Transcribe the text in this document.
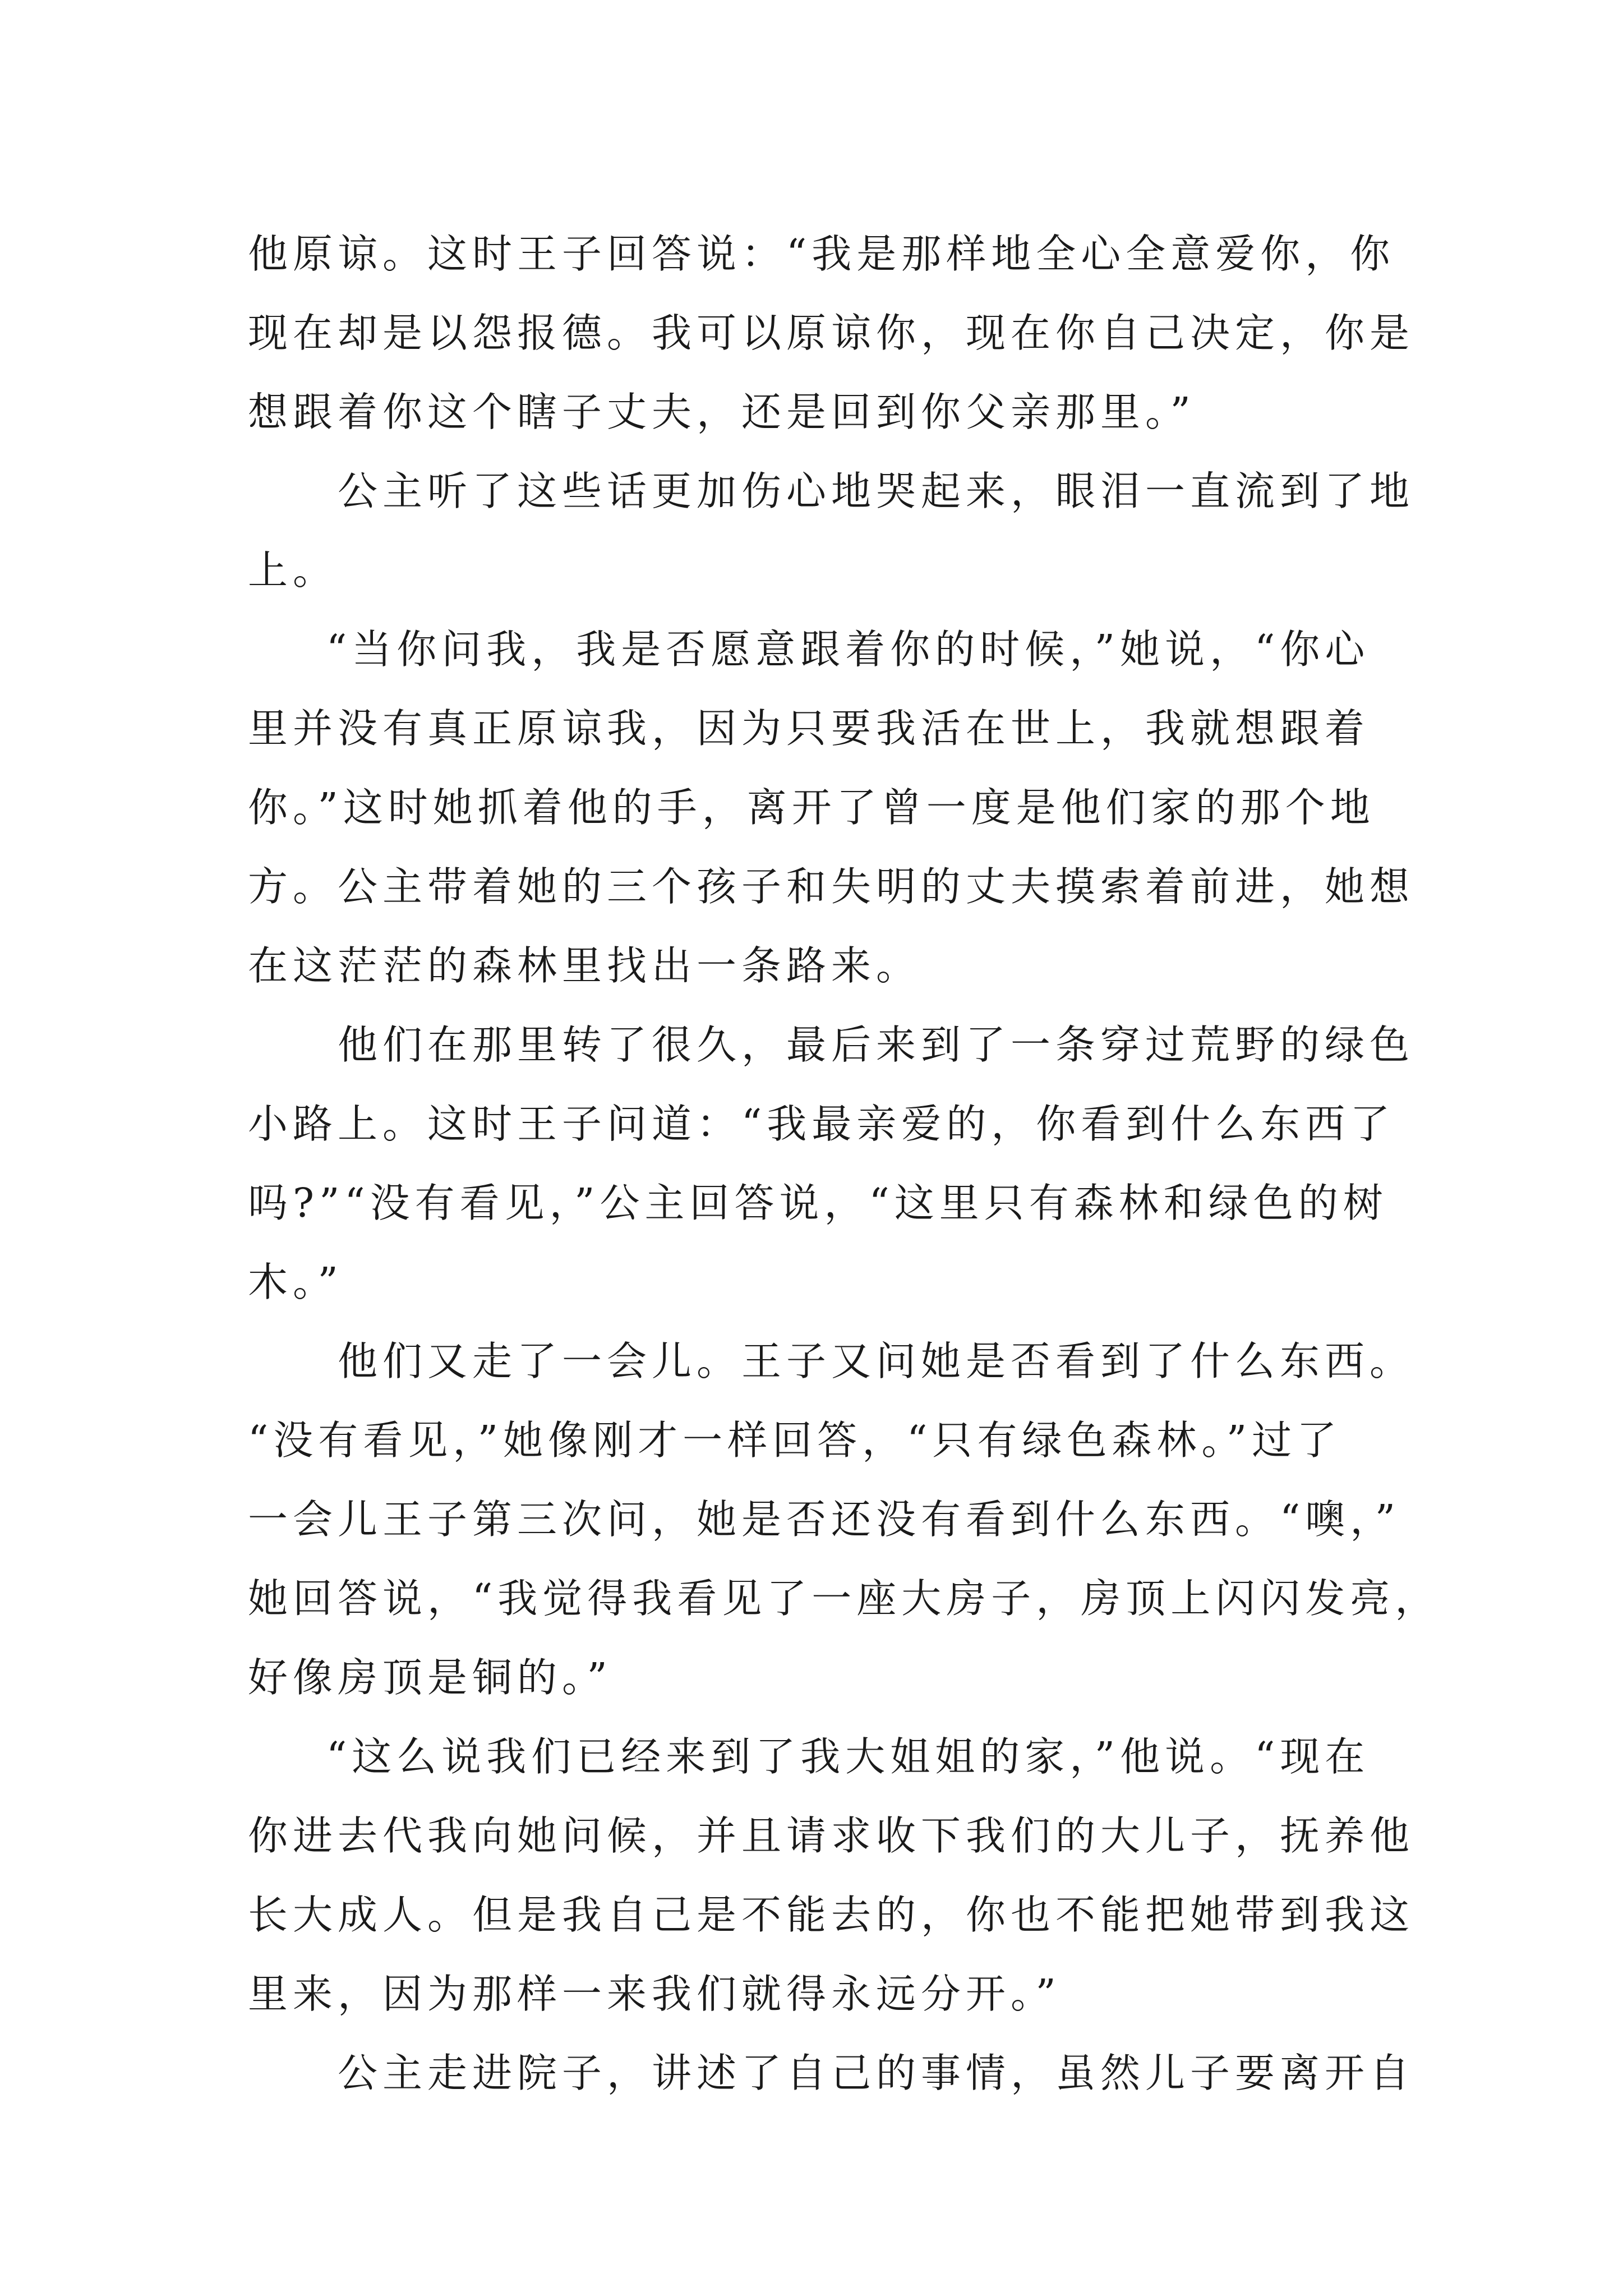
他原谅。这时王子回答说：“我是那样地全心全意爱你，你
现在却是以怨报德。我可以原谅你，现在你自己决定，你是
想跟着你这个瞎子丈夫，还是回到你父亲那里。”
公主听了这些话更加伤心地哭起来，眼泪一直流到了地
上。
“当你问我，我是否愿意跟着你的时候，”她说，“你心
里并没有真正原谅我，因为只要我活在世上，我就想跟着
你。”这时她抓着他的手，离开了曾一度是他们家的那个地
方。公主带着她的三个孩子和失明的丈夫摸索着前进，她想
在这茫茫的森林里找出一条路来。
他们在那里转了很久，最后来到了一条穿过荒野的绿色
小路上。这时王子问道：“我最亲爱的，你看到什么东西了
吗?”“没有看见，”公主回答说，“这里只有森林和绿色的树
木。”
他们又走了一会儿。王子又问她是否看到了什么东西。
“没有看见，”她像刚才一样回答，“只有绿色森林。”过了
一会儿王子第三次问，她是否还没有看到什么东西。“噢，”
她回答说，“我觉得我看见了一座大房子，房顶上闪闪发亮，
好像房顶是铜的。”
“这么说我们已经来到了我大姐姐的家，”他说。“现在
你进去代我向她问候，并且请求收下我们的大儿子，抚养他
长大成人。但是我自己是不能去的，你也不能把她带到我这
里来，因为那样一来我们就得永远分开。”
公主走进院子，讲述了自己的事情，虽然儿子要离开自
